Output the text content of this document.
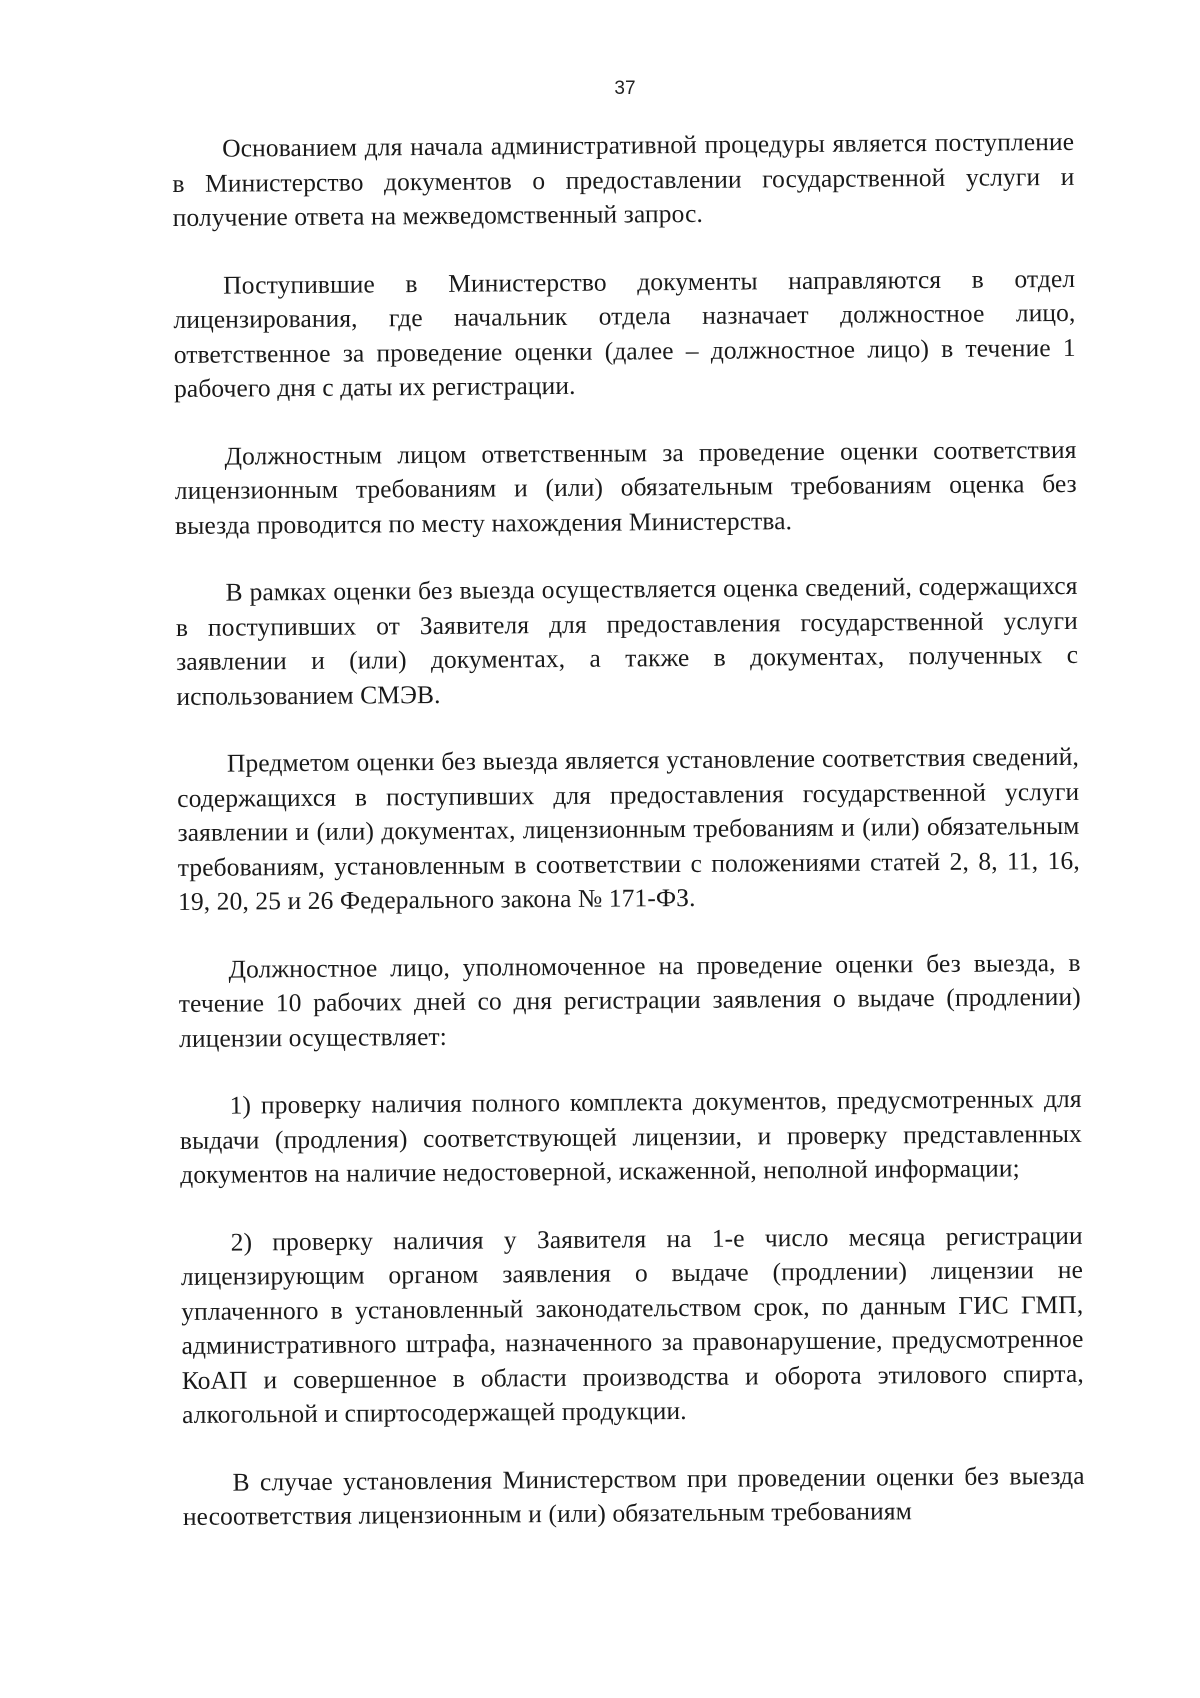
37

Основанием для начала административной процедуры является поступление в Министерство документов о предоставлении государственной услуги и получение ответа на межведомственный запрос.

Поступившие в Министерство документы направляются в отдел лицензирования, где начальник отдела назначает должностное лицо, ответственное за проведение оценки (далее – должностное лицо) в течение 1 рабочего дня с даты их регистрации.

Должностным лицом ответственным за проведение оценки соответствия лицензионным требованиям и (или) обязательным требованиям оценка без выезда проводится по месту нахождения Министерства.

В рамках оценки без выезда осуществляется оценка сведений, содержащихся в поступивших от Заявителя для предоставления государственной услуги заявлении и (или) документах, а также в документах, полученных с использованием СМЭВ.

Предметом оценки без выезда является установление соответствия сведений, содержащихся в поступивших для предоставления государственной услуги заявлении и (или) документах, лицензионным требованиям и (или) обязательным требованиям, установленным в соответствии с положениями статей 2, 8, 11, 16, 19, 20, 25 и 26 Федерального закона № 171-ФЗ.

Должностное лицо, уполномоченное на проведение оценки без выезда, в течение 10 рабочих дней со дня регистрации заявления о выдаче (продлении) лицензии осуществляет:

1) проверку наличия полного комплекта документов, предусмотренных для выдачи (продления) соответствующей лицензии, и проверку представленных документов на наличие недостоверной, искаженной, неполной информации;

2) проверку наличия у Заявителя на 1-е число месяца регистрации лицензирующим органом заявления о выдаче (продлении) лицензии не уплаченного в установленный законодательством срок, по данным ГИС ГМП, административного штрафа, назначенного за правонарушение, предусмотренное КоАП и совершенное в области производства и оборота этилового спирта, алкогольной и спиртосодержащей продукции.

В случае установления Министерством при проведении оценки без выезда несоответствия лицензионным и (или) обязательным требованиям
